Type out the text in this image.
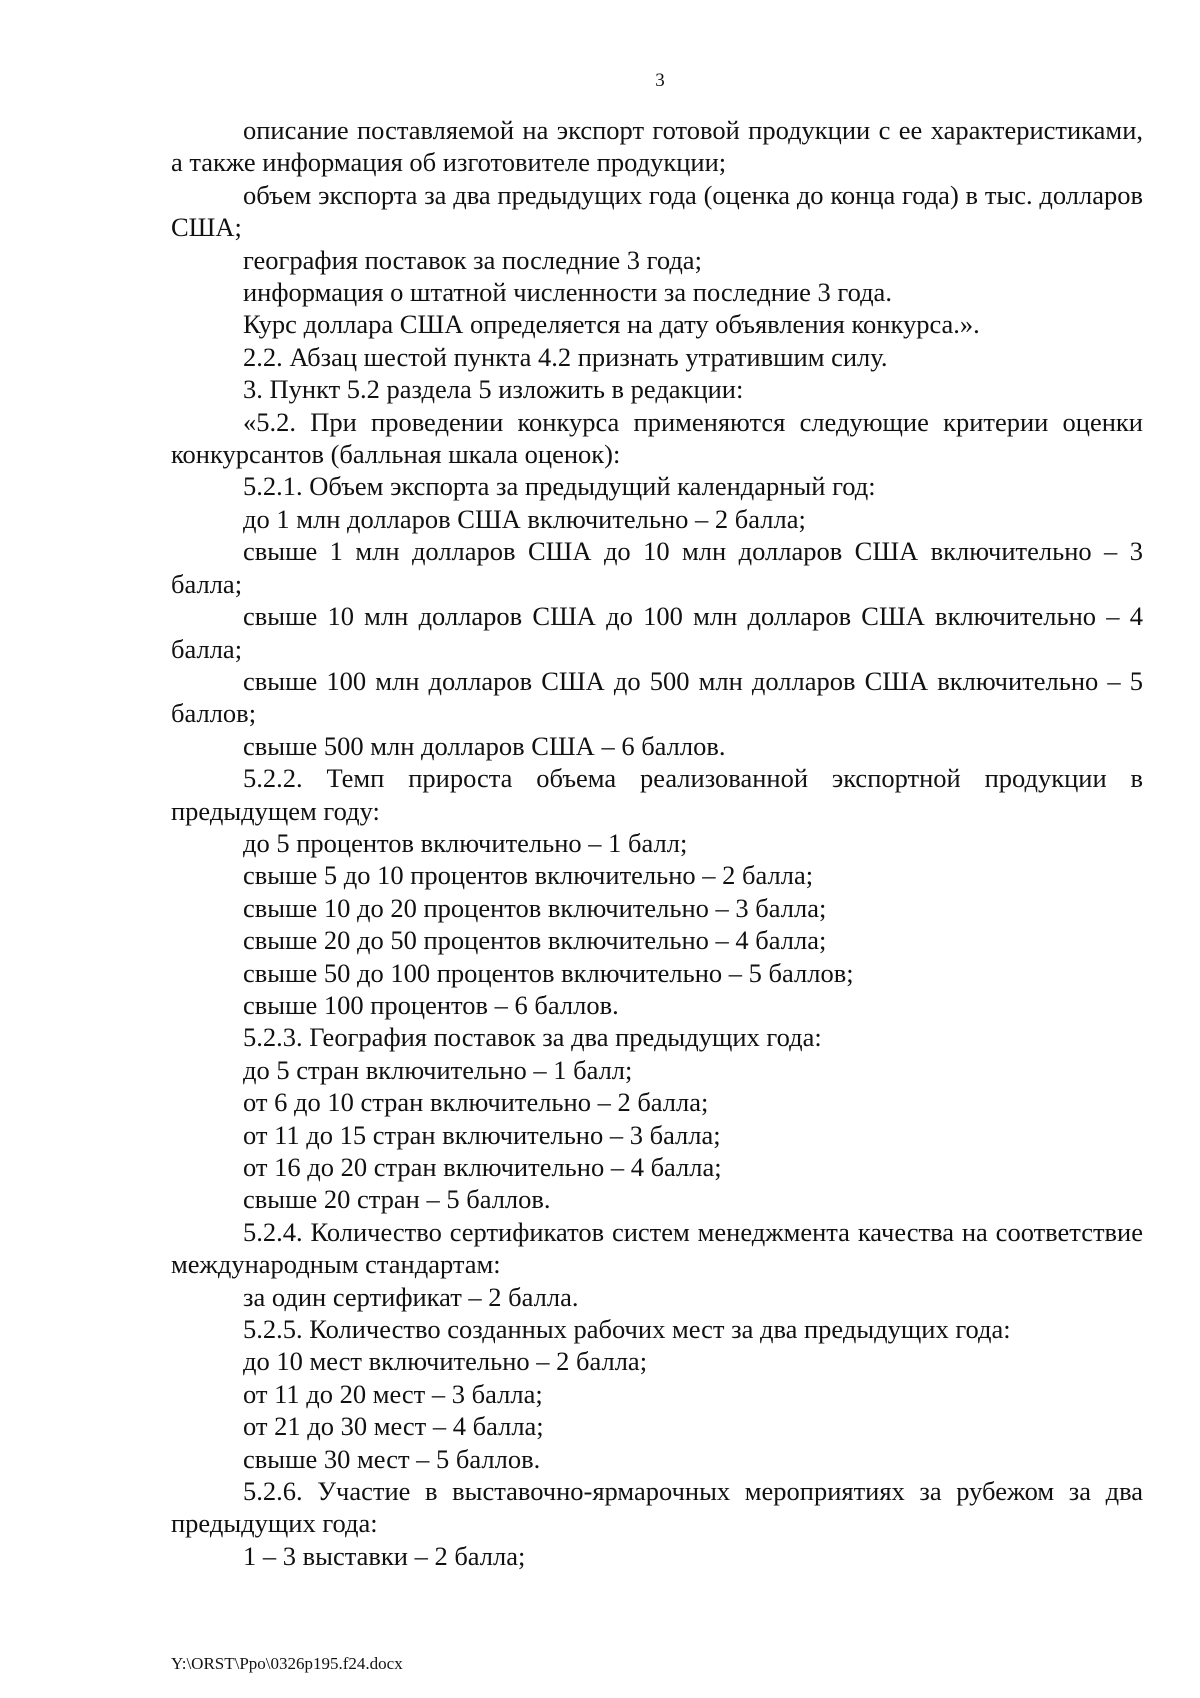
3

описание поставляемой на экспорт готовой продукции с ее характеристиками, а также информация об изготовителе продукции;

объем экспорта за два предыдущих года (оценка до конца года) в тыс. долларов США;

география поставок за последние 3 года;

информация о штатной численности за последние 3 года.

Курс доллара США определяется на дату объявления конкурса.».

2.2. Абзац шестой пункта 4.2 признать утратившим силу.

3. Пункт 5.2 раздела 5 изложить в редакции:

«5.2. При проведении конкурса применяются следующие критерии оценки конкурсантов (балльная шкала оценок):

5.2.1. Объем экспорта за предыдущий календарный год:

до 1 млн долларов США включительно – 2 балла;

свыше 1 млн долларов США до 10 млн долларов США включительно – 3 балла;

свыше 10 млн долларов США до 100 млн долларов США включительно – 4 балла;

свыше 100 млн долларов США до 500 млн долларов США включительно – 5 баллов;

свыше 500 млн долларов США – 6 баллов.

5.2.2. Темп прироста объема реализованной экспортной продукции в предыдущем году:

до 5 процентов включительно – 1 балл;

свыше 5 до 10 процентов включительно – 2 балла;

свыше 10 до 20 процентов включительно – 3 балла;

свыше 20 до 50 процентов включительно – 4 балла;

свыше 50 до 100 процентов включительно – 5 баллов;

свыше 100 процентов – 6 баллов.

5.2.3. География поставок за два предыдущих года:

до 5 стран включительно – 1 балл;

от 6 до 10 стран включительно – 2 балла;

от 11 до 15 стран включительно – 3 балла;

от 16 до 20 стран включительно – 4 балла;

свыше 20 стран – 5 баллов.

5.2.4. Количество сертификатов систем менеджмента качества на соответствие международным стандартам:

за один сертификат – 2 балла.

5.2.5. Количество созданных рабочих мест за два предыдущих года:

до 10 мест включительно – 2 балла;

от 11 до 20 мест – 3 балла;

от 21 до 30 мест – 4 балла;

свыше 30 мест – 5 баллов.

5.2.6. Участие в выставочно-ярмарочных мероприятиях за рубежом за два предыдущих года:

1 – 3 выставки – 2 балла;

Y:\ORST\Ppo\0326p195.f24.docx
